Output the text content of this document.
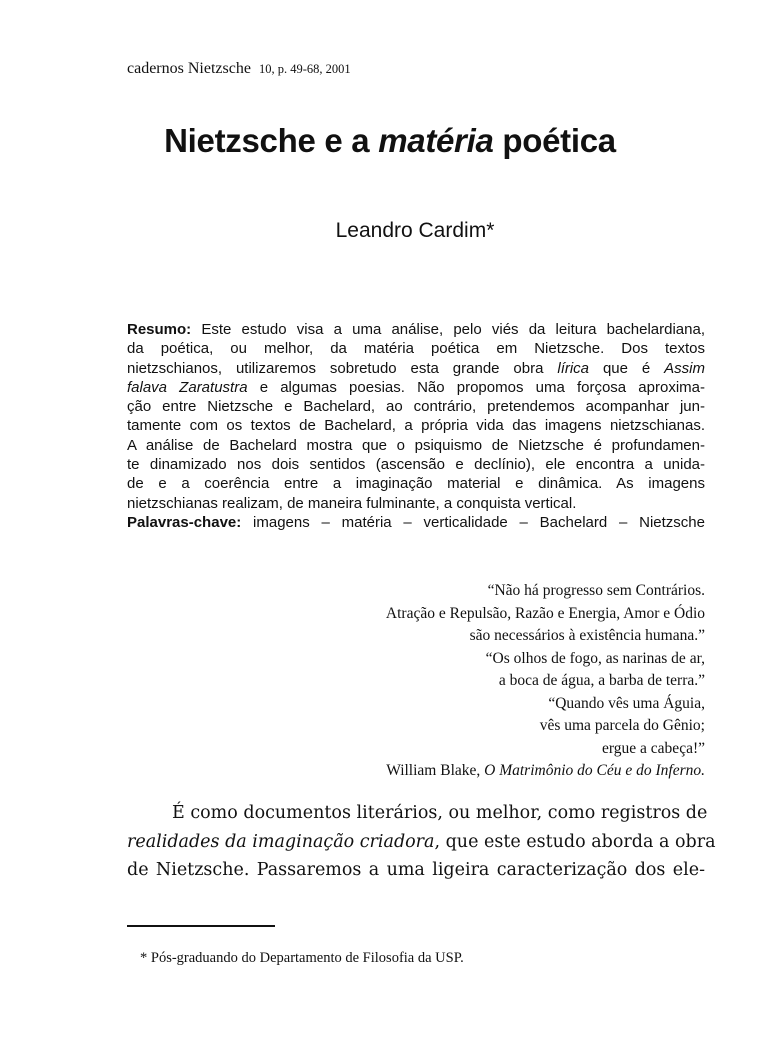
cadernos Nietzsche 10, p. 49-68, 2001
Nietzsche e a matéria poética
Leandro Cardim*
Resumo: Este estudo visa a uma análise, pelo viés da leitura bachelardiana,
da poética, ou melhor, da matéria poética em Nietzsche. Dos textos
nietzschianos, utilizaremos sobretudo esta grande obra lírica que é Assim
falava Zaratustra e algumas poesias. Não propomos uma forçosa aproxima-
ção entre Nietzsche e Bachelard, ao contrário, pretendemos acompanhar jun-
tamente com os textos de Bachelard, a própria vida das imagens nietzschianas.
A análise de Bachelard mostra que o psiquismo de Nietzsche é profundamen-
te dinamizado nos dois sentidos (ascensão e declínio), ele encontra a unida-
de e a coerência entre a imaginação material e dinâmica. As imagens
nietzschianas realizam, de maneira fulminante, a conquista vertical.
Palavras-chave: imagens – matéria – verticalidade – Bachelard – Nietzsche
“Não há progresso sem Contrários.
Atração e Repulsão, Razão e Energia, Amor e Ódio
são necessários à existência humana.”
“Os olhos de fogo, as narinas de ar,
a boca de água, a barba de terra.”
“Quando vês uma Águia,
vês uma parcela do Gênio;
ergue a cabeça!”
William Blake, O Matrimônio do Céu e do Inferno.
É como documentos literários, ou melhor, como registros de
realidades da imaginação criadora, que este estudo aborda a obra
de Nietzsche. Passaremos a uma ligeira caracterização dos ele-
* Pós-graduando do Departamento de Filosofia da USP.
